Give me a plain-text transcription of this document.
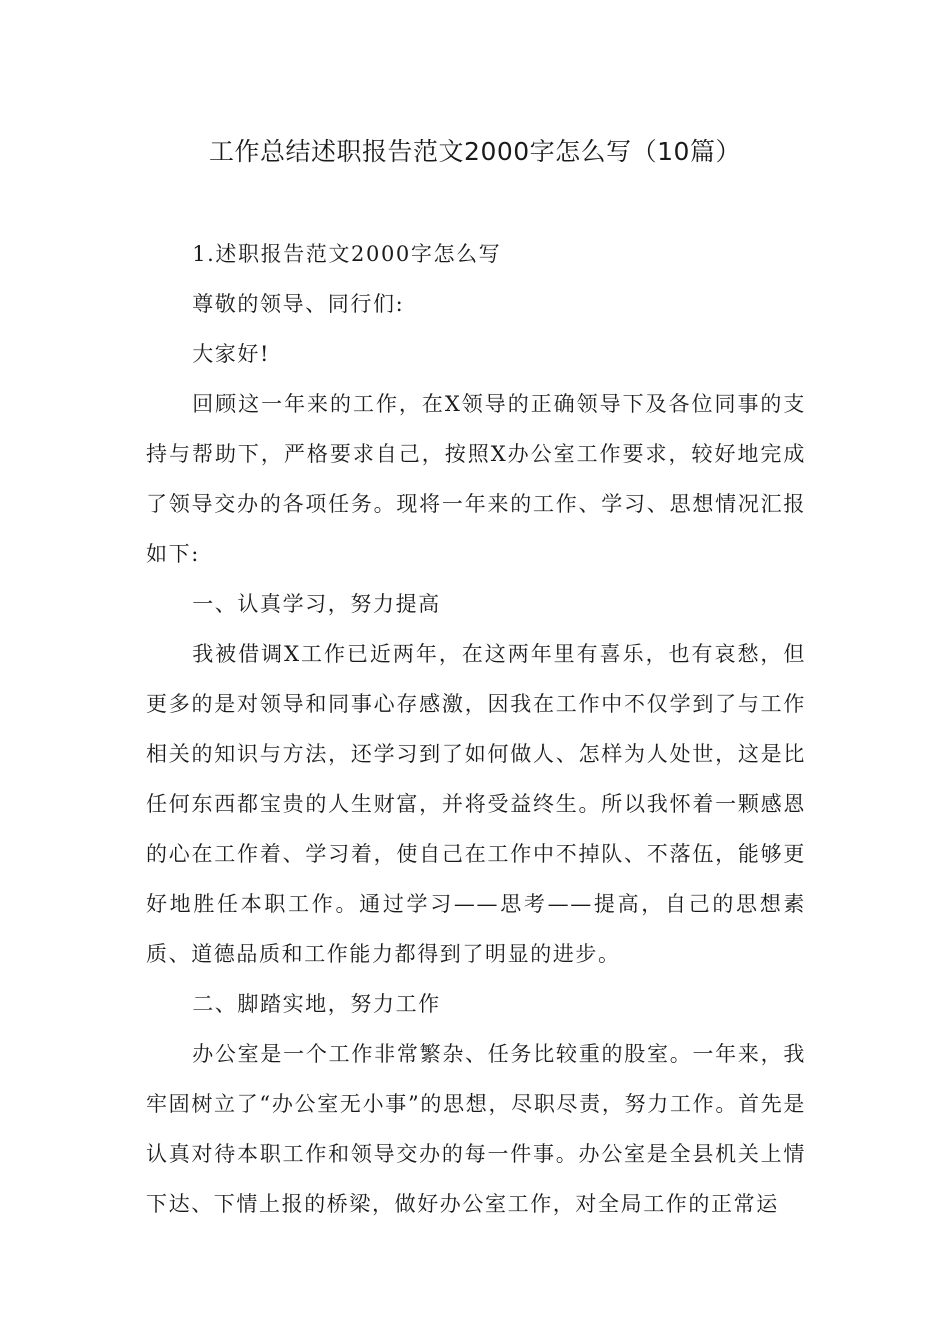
工作总结述职报告范文2000字怎么写（10篇）

1.述职报告范文2000字怎么写

尊敬的领导、同行们:

大家好!

回顾这一年来的工作，在X领导的正确领导下及各位同事的支持与帮助下，严格要求自己，按照X办公室工作要求，较好地完成了领导交办的各项任务。现将一年来的工作、学习、思想情况汇报如下:

一、认真学习，努力提高

我被借调X工作已近两年，在这两年里有喜乐，也有哀愁，但更多的是对领导和同事心存感激，因我在工作中不仅学到了与工作相关的知识与方法，还学习到了如何做人、怎样为人处世，这是比任何东西都宝贵的人生财富，并将受益终生。所以我怀着一颗感恩的心在工作着、学习着，使自己在工作中不掉队、不落伍，能够更好地胜任本职工作。通过学习——思考——提高，自己的思想素质、道德品质和工作能力都得到了明显的进步。

二、脚踏实地，努力工作

办公室是一个工作非常繁杂、任务比较重的股室。一年来，我牢固树立了“办公室无小事”的思想，尽职尽责，努力工作。首先是认真对待本职工作和领导交办的每一件事。办公室是全县机关上情下达、下情上报的桥梁，做好办公室工作，对全局工作的正常运
